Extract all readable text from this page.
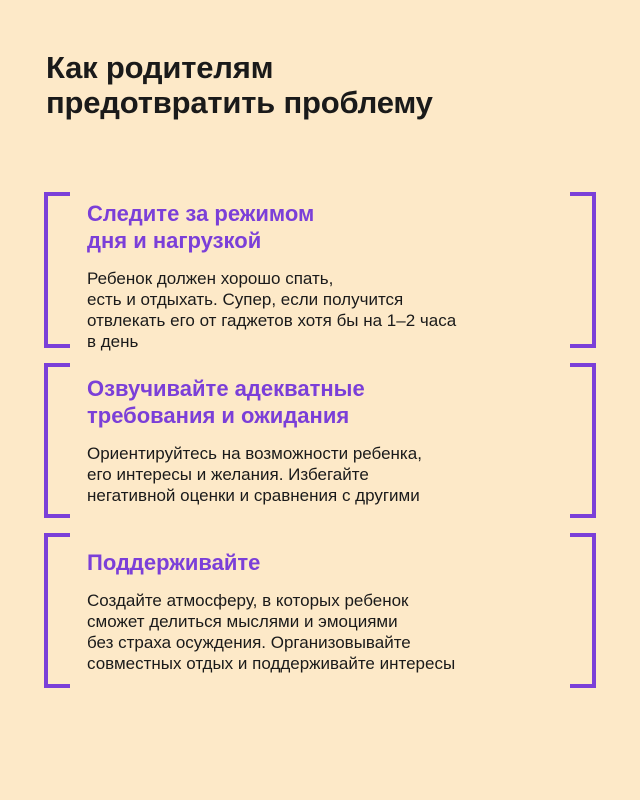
Как родителям
предотвратить проблему
Следите за режимом
дня и нагрузкой
Ребенок должен хорошо спать,
есть и отдыхать. Супер, если получится
отвлекать его от гаджетов хотя бы на 1–2 часа
в день
Озвучивайте адекватные
требования и ожидания
Ориентируйтесь на возможности ребенка,
его интересы и желания. Избегайте
негативной оценки и сравнения с другими
Поддерживайте
Создайте атмосферу, в которых ребенок
сможет делиться мыслями и эмоциями
без страха осуждения. Организовывайте
совместных отдых и поддерживайте интересы
